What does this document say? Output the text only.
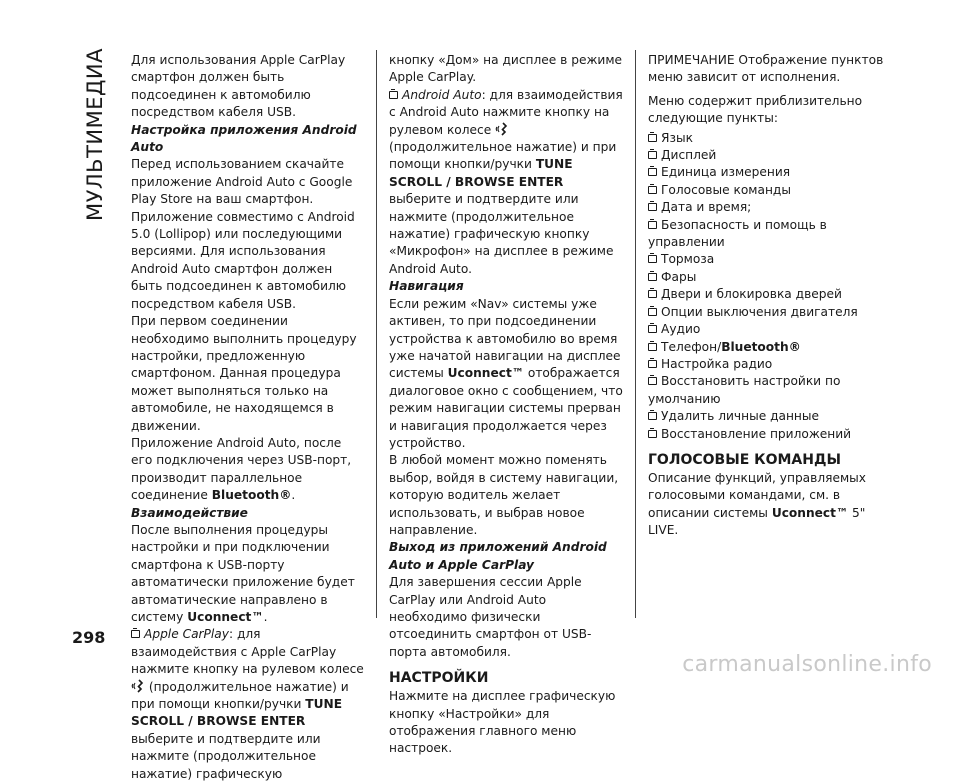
МУЛЬТИМЕДИА Для использования Apple CarPlay смартфон должен быть подсоединен к автомобилю посредством кабеля USB.

Настройка приложения Android Auto

Перед использованием скачайте приложение Android Auto с Google Play Store на ваш смартфон.

Приложение совместимо с Android 5.0 (Lollipop) или последующими версиями. Для использования Android Auto смартфон должен быть подсоединен к автомобилю посредством кабеля USB.

При первом соединении необходимо выполнить процедуру настройки, предложенную смартфоном. Данная процедура может выполняться только на автомобиле, не находящемся в движении.

Приложение Android Auto, после его подключения через USB-порт, производит параллельное соединение Bluetooth®.

Взаимодействие

После выполнения процедуры настройки и при подключении смартфона к USB-порту автоматически приложение будет автоматические направлено в систему Uconnect™.

Apple CarPlay: для взаимодействия с Apple CarPlay нажмите кнопку на рулевом колесе  (продолжительное нажатие) и при помощи кнопки/ручки TUNE SCROLL / BROWSE ENTER выберите и подтвердите или нажмите (продолжительное нажатие) графическую

кнопку «Дом» на дисплее в режиме Apple CarPlay.

Android Auto: для взаимодействия с Android Auto нажмите кнопку на рулевом колесе  (продолжительное нажатие) и при помощи кнопки/ручки TUNE SCROLL / BROWSE ENTER выберите и подтвердите или нажмите (продолжительное нажатие) графическую кнопку «Микрофон» на дисплее в режиме Android Auto.

Навигация

Если режим «Nav» системы уже активен, то при подсоединении устройства к автомобилю во время уже начатой навигации на дисплее системы Uconnect™ отображается диалоговое окно с сообщением, что режим навигации системы прерван и навигация продолжается через устройство.

В любой момент можно поменять выбор, войдя в систему навигации, которую водитель желает использовать, и выбрав новое направление.

Выход из приложений Android Auto и Apple CarPlay

Для завершения сессии Apple CarPlay или Android Auto необходимо физически отсоединить смартфон от USB-порта автомобиля.

НАСТРОЙКИ

Нажмите на дисплее графическую кнопку «Настройки» для отображения главного меню настроек.

ПРИМЕЧАНИЕ Отображение пунктов меню зависит от исполнения.

Меню содержит приблизительно следующие пункты:

Язык
Дисплей
Единица измерения
Голосовые команды
Дата и время;
Безопасность и помощь в управлении
Тормоза
Фары
Двери и блокировка дверей
Опции выключения двигателя
Аудио
Телефон/Bluetooth®
Настройка радио
Восстановить настройки по умолчанию
Удалить личные данные
Восстановление приложений

ГОЛОСОВЫЕ КОМАНДЫ

Описание функций, управляемых голосовыми командами, см. в описании системы Uconnect™ 5" LIVE.

298
carmanualsonline.info
